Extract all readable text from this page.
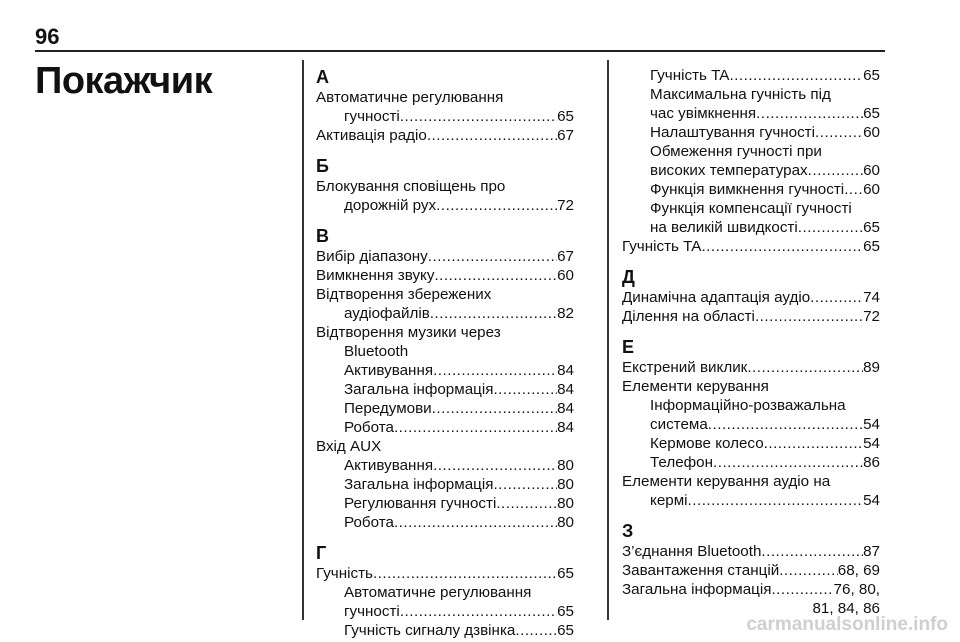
96
Покажчик	А
Автоматичне регулювання
гучності .....	65
Активація радіо .....	67
Б
Блокування сповіщень про
дорожній рух .....	72
В
Вибір діапазону .....	67
Вимкнення звуку .....	60
Відтворення збережених
аудіофайлів .....	82
Відтворення музики через
Bluetooth
Активування .....	84
Загальна інформація .....	84
Передумови .....	84
Робота .....	84
Вхід AUX
Активування .....	80
Загальна інформація .....	80
Регулювання гучності .....	80
Робота .....	80
Г
Гучність .....	65
Автоматичне регулювання
гучності .....	65
Гучність сигналу дзвінка .....	65
Гучність TA .....	65
Максимальна гучність під
час увімкнення .....	65
Налаштування гучності .....	60
Обмеження гучності при
високих температурах .....	60
Функція вимкнення гучності ..... 60
Функція компенсації гучності
на великій швидкості .....	65
Гучність TA .....	65
Д
Динамічна адаптація аудіо .....	74
Ділення на області .....	72
Е
Екстрений виклик .....	89
Елементи керування
Інформаційно-розважальна
система .....	54
Кермове колесо .....	54
Телефон .....	86
Елементи керування аудіо на
кермі .....	54
З
З’єднання Bluetooth .....	87
Завантаження станцій .....	68, 69
Загальна інформація .....	76, 80,
81, 84, 86
carmanualsonline.info
